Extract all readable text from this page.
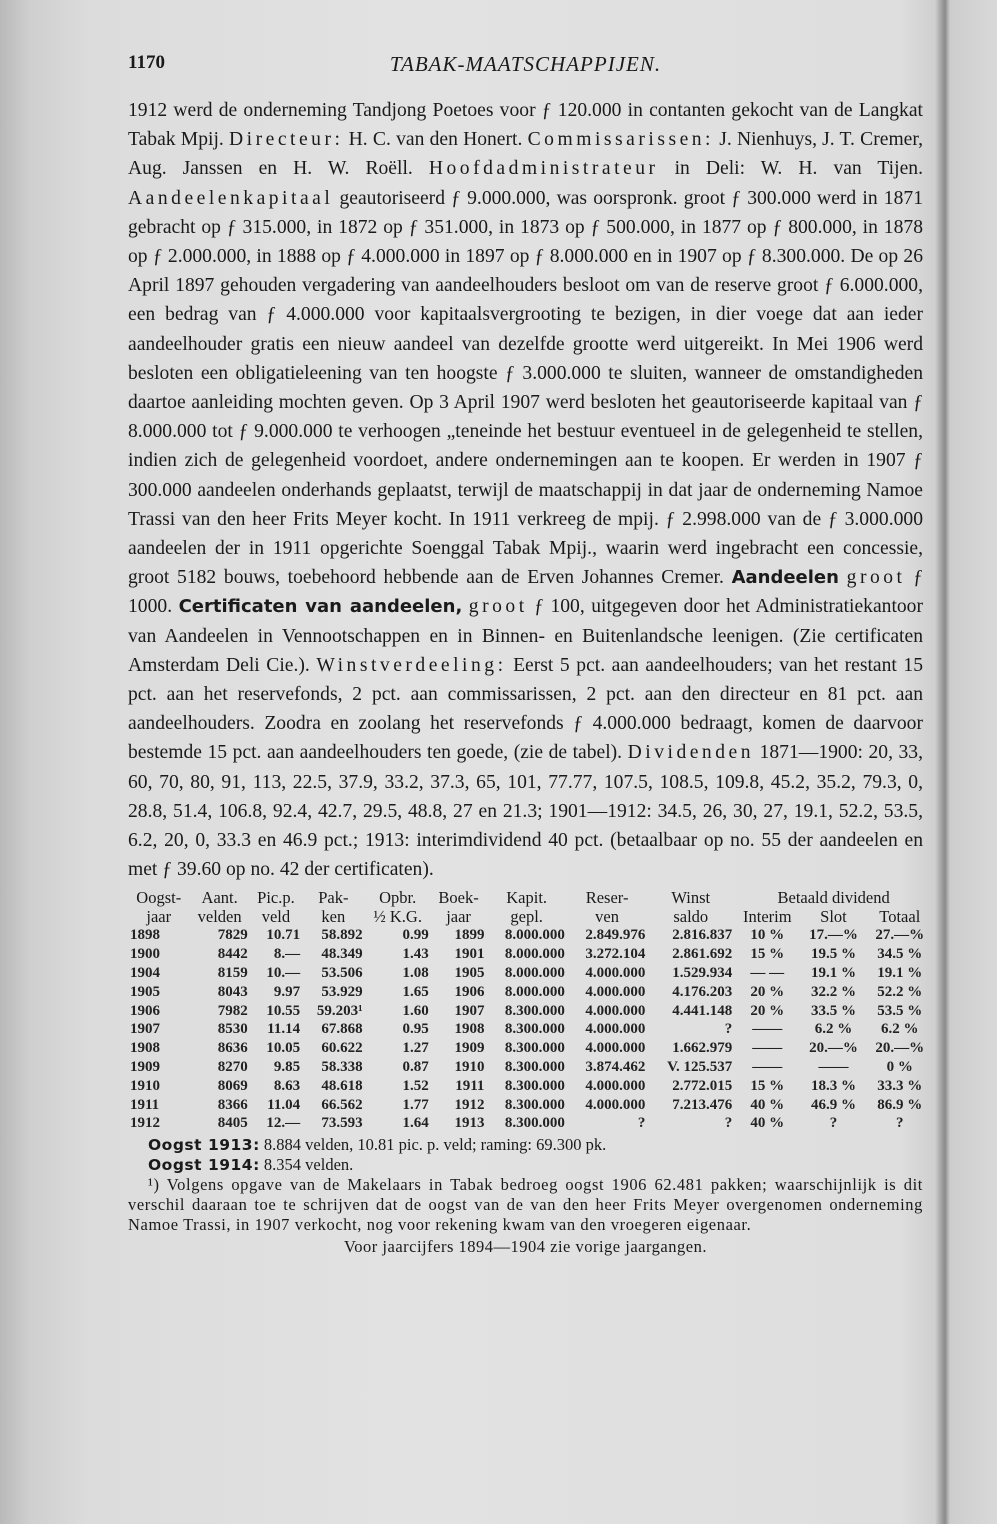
1170	TABAK-MAATSCHAPPIJEN.
1912 werd de onderneming Tandjong Poetoes voor ƒ 120.000 in contanten gekocht van de Langkat Tabak Mpij. Directeur: H. C. van den Honert. Commissarissen: J. Nienhuys, J. T. Cremer, Aug. Janssen en H. W. Roëll. Hoofdadministrateur in Deli: W. H. van Tijen. Aandeelenkapitaal geautoriseerd ƒ 9.000.000, was oorspronk. groot ƒ 300.000 werd in 1871 gebracht op ƒ 315.000, in 1872 op ƒ 351.000, in 1873 op ƒ 500.000, in 1877 op ƒ 800.000, in 1878 op ƒ 2.000.000, in 1888 op ƒ 4.000.000 in 1897 op ƒ 8.000.000 en in 1907 op ƒ 8.300.000. De op 26 April 1897 gehouden vergadering van aandeelhouders besloot om van de reserve groot ƒ 6.000.000, een bedrag van ƒ 4.000.000 voor kapitaalsvergrooting te bezigen, in dier voege dat aan ieder aandeelhouder gratis een nieuw aandeel van dezelfde grootte werd uitgereikt. In Mei 1906 werd besloten een obligatieleening van ten hoogste ƒ 3.000.000 te sluiten, wanneer de omstandigheden daartoe aanleiding mochten geven. Op 3 April 1907 werd besloten het geautoriseerde kapitaal van ƒ 8.000.000 tot ƒ 9.000.000 te verhoogen „teneinde het bestuur eventueel in de gelegenheid te stellen, indien zich de gelegenheid voordoet, andere ondernemingen aan te koopen. Er werden in 1907 ƒ 300.000 aandeelen onderhands geplaatst, terwijl de maatschappij in dat jaar de onderneming Namoe Trassi van den heer Frits Meyer kocht. In 1911 verkreeg de mpij. ƒ 2.998.000 van de ƒ 3.000.000 aandeelen der in 1911 opgerichte Soenggal Tabak Mpij., waarin werd ingebracht een concessie, groot 5182 bouws, toebehoord hebbende aan de Erven Johannes Cremer. Aandeelen groot ƒ 1000. Certificaten van aandeelen, groot ƒ 100, uitgegeven door het Administratiekantoor van Aandeelen in Vennootschappen en in Binnen- en Buitenlandsche leenigen. (Zie certificaten Amsterdam Deli Cie.). Winstverdeeling: Eerst 5 pct. aan aandeelhouders; van het restant 15 pct. aan het reservefonds, 2 pct. aan commissarissen, 2 pct. aan den directeur en 81 pct. aan aandeelhouders. Zoodra en zoolang het reservefonds ƒ 4.000.000 bedraagt, komen de daarvoor bestemde 15 pct. aan aandeelhouders ten goede, (zie de tabel). Dividenden 1871—1900: 20, 33, 60, 70, 80, 91, 113, 22.5, 37.9, 33.2, 37.3, 65, 101, 77.77, 107.5, 108.5, 109.8, 45.2, 35.2, 79.3, 0, 28.8, 51.4, 106.8, 92.4, 42.7, 29.5, 48.8, 27 en 21.3; 1901—1912: 34.5, 26, 30, 27, 19.1, 52.2, 53.5, 6.2, 20, 0, 33.3 en 46.9 pct.; 1913: interimdividend 40 pct. (betaalbaar op no. 55 der aandeelen en met ƒ 39.60 op no. 42 der certificaten).
Oogst-	Aant.	Pic.p.	Pak-	Opbr.	Boek-	Kapit.	Reser-	Winst	Betaald dividend		
jaar	velden	veld	ken	½ K.G.	jaar	gepl.	ven	saldo	Interim	Slot	Totaal
1898	7829	10.71	58.892	0.99	1899	8.000.000	2.849.976	2.816.837	10 %	17.—%	27.—%
1900	8442	8.—	48.349	1.43	1901	8.000.000	3.272.104	2.861.692	15 %	19.5 %	34.5 %
1904	8159	10.—	53.506	1.08	1905	8.000.000	4.000.000	1.529.934	— —	19.1 %	19.1 %
1905	8043	9.97	53.929	1.65	1906	8.000.000	4.000.000	4.176.203	20 %	32.2 %	52.2 %
1906	7982	10.55	59.203¹	1.60	1907	8.300.000	4.000.000	4.441.148	20 %	33.5 %	53.5 %
1907	8530	11.14	67.868	0.95	1908	8.300.000	4.000.000	?	——	6.2 %	6.2 %
1908	8636	10.05	60.622	1.27	1909	8.300.000	4.000.000	1.662.979	——	20.—%	20.—%
1909	8270	9.85	58.338	0.87	1910	8.300.000	3.874.462	V. 125.537	——	——	0 %
1910	8069	8.63	48.618	1.52	1911	8.300.000	4.000.000	2.772.015	15 %	18.3 %	33.3 %
1911	8366	11.04	66.562	1.77	1912	8.300.000	4.000.000	7.213.476	40 %	46.9 %	86.9 %
1912	8405	12.—	73.593	1.64	1913	8.300.000	?	?	40 %	?	?
Oogst 1913: 8.884 velden, 10.81 pic. p. veld; raming: 69.300 pk.
Oogst 1914: 8.354 velden.
¹) Volgens opgave van de Makelaars in Tabak bedroeg oogst 1906 62.481 pakken; waarschijnlijk is dit verschil daaraan toe te schrijven dat de oogst van de van den heer Frits Meyer overgenomen onderneming Namoe Trassi, in 1907 verkocht, nog voor rekening kwam van den vroegeren eigenaar.
Voor jaarcijfers 1894—1904 zie vorige jaargangen.
